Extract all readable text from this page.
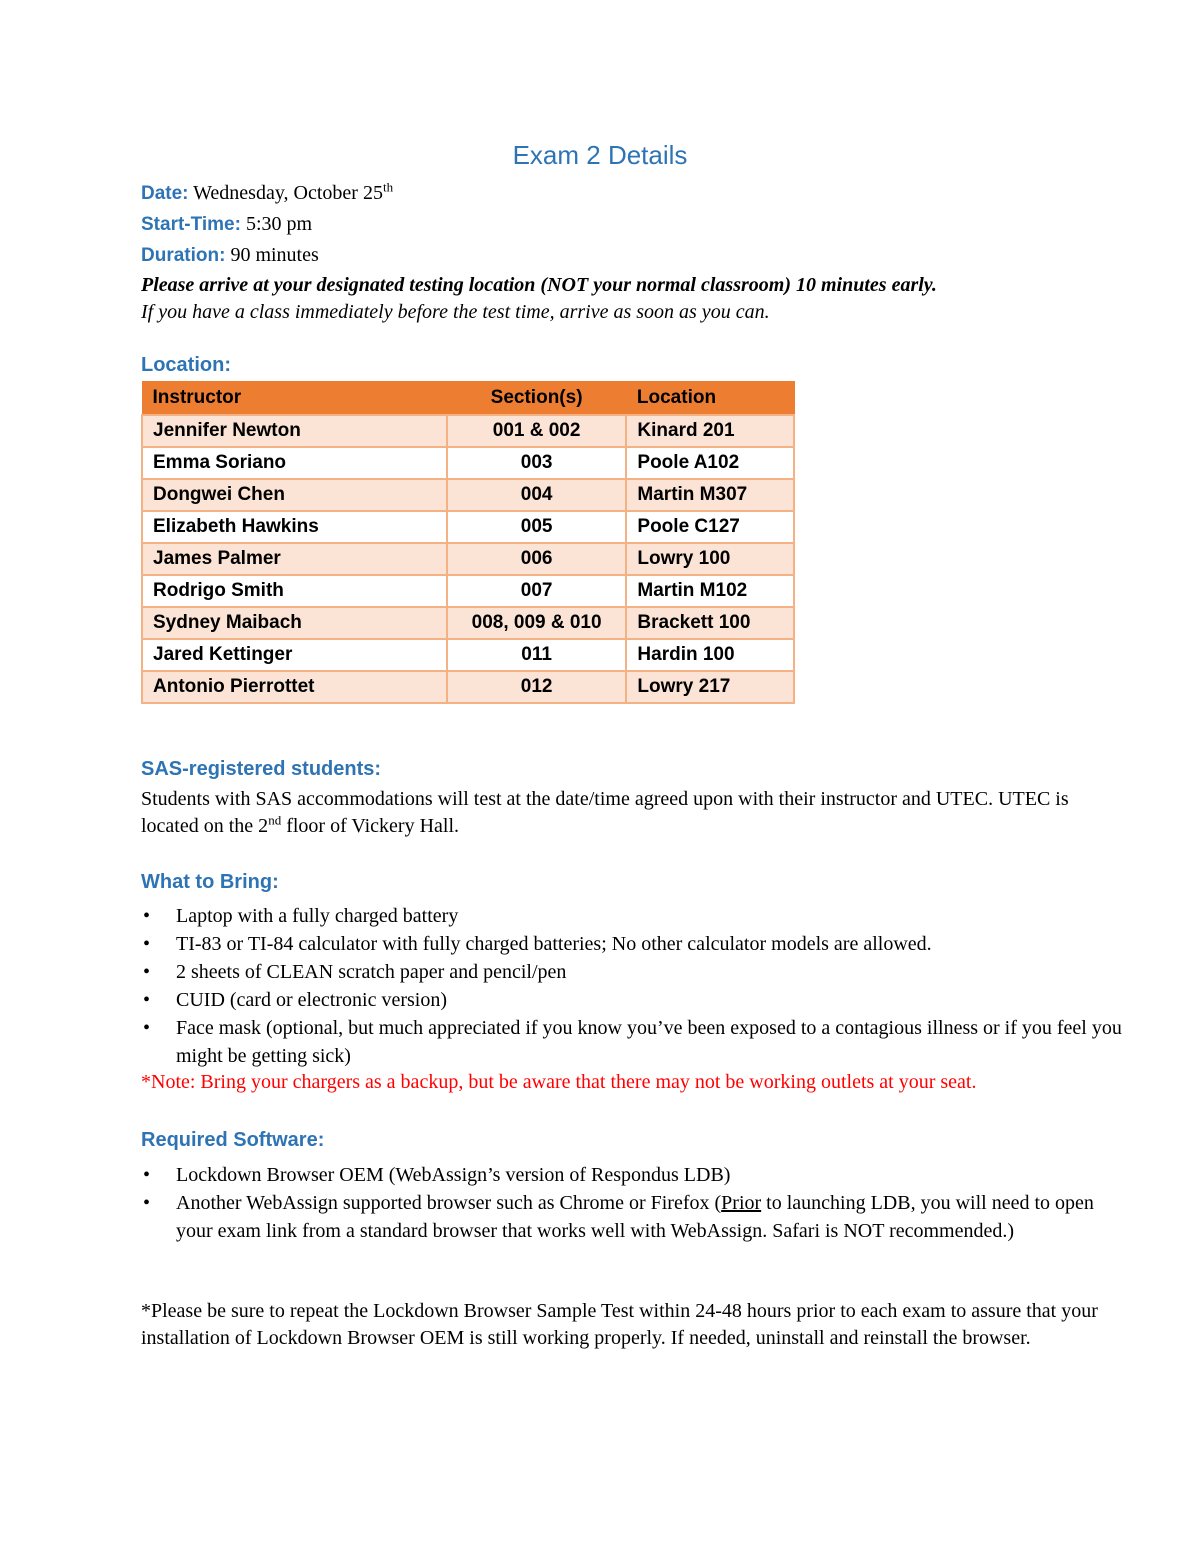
Exam 2 Details
Date: Wednesday, October 25th
Start-Time: 5:30 pm
Duration: 90 minutes
Please arrive at your designated testing location (NOT your normal classroom) 10 minutes early.
If you have a class immediately before the test time, arrive as soon as you can.
Location:
Instructor	Section(s)	Location
Jennifer Newton	001 & 002	Kinard 201
Emma Soriano	003	Poole A102
Dongwei Chen	004	Martin M307
Elizabeth Hawkins	005	Poole C127
James Palmer	006	Lowry 100
Rodrigo Smith	007	Martin M102
Sydney Maibach	008, 009 & 010	Brackett 100
Jared Kettinger	011	Hardin 100
Antonio Pierrottet	012	Lowry 217
SAS-registered students:
Students with SAS accommodations will test at the date/time agreed upon with their instructor and UTEC. UTEC is located on the 2nd floor of Vickery Hall.
What to Bring:
• Laptop with a fully charged battery
• TI-83 or TI-84 calculator with fully charged batteries; No other calculator models are allowed.
• 2 sheets of CLEAN scratch paper and pencil/pen
• CUID (card or electronic version)
• Face mask (optional, but much appreciated if you know you’ve been exposed to a contagious illness or if you feel you might be getting sick)
*Note: Bring your chargers as a backup, but be aware that there may not be working outlets at your seat.
Required Software:
• Lockdown Browser OEM (WebAssign’s version of Respondus LDB)
• Another WebAssign supported browser such as Chrome or Firefox (Prior to launching LDB, you will need to open your exam link from a standard browser that works well with WebAssign. Safari is NOT recommended.)
*Please be sure to repeat the Lockdown Browser Sample Test within 24-48 hours prior to each exam to assure that your installation of Lockdown Browser OEM is still working properly. If needed, uninstall and reinstall the browser.
